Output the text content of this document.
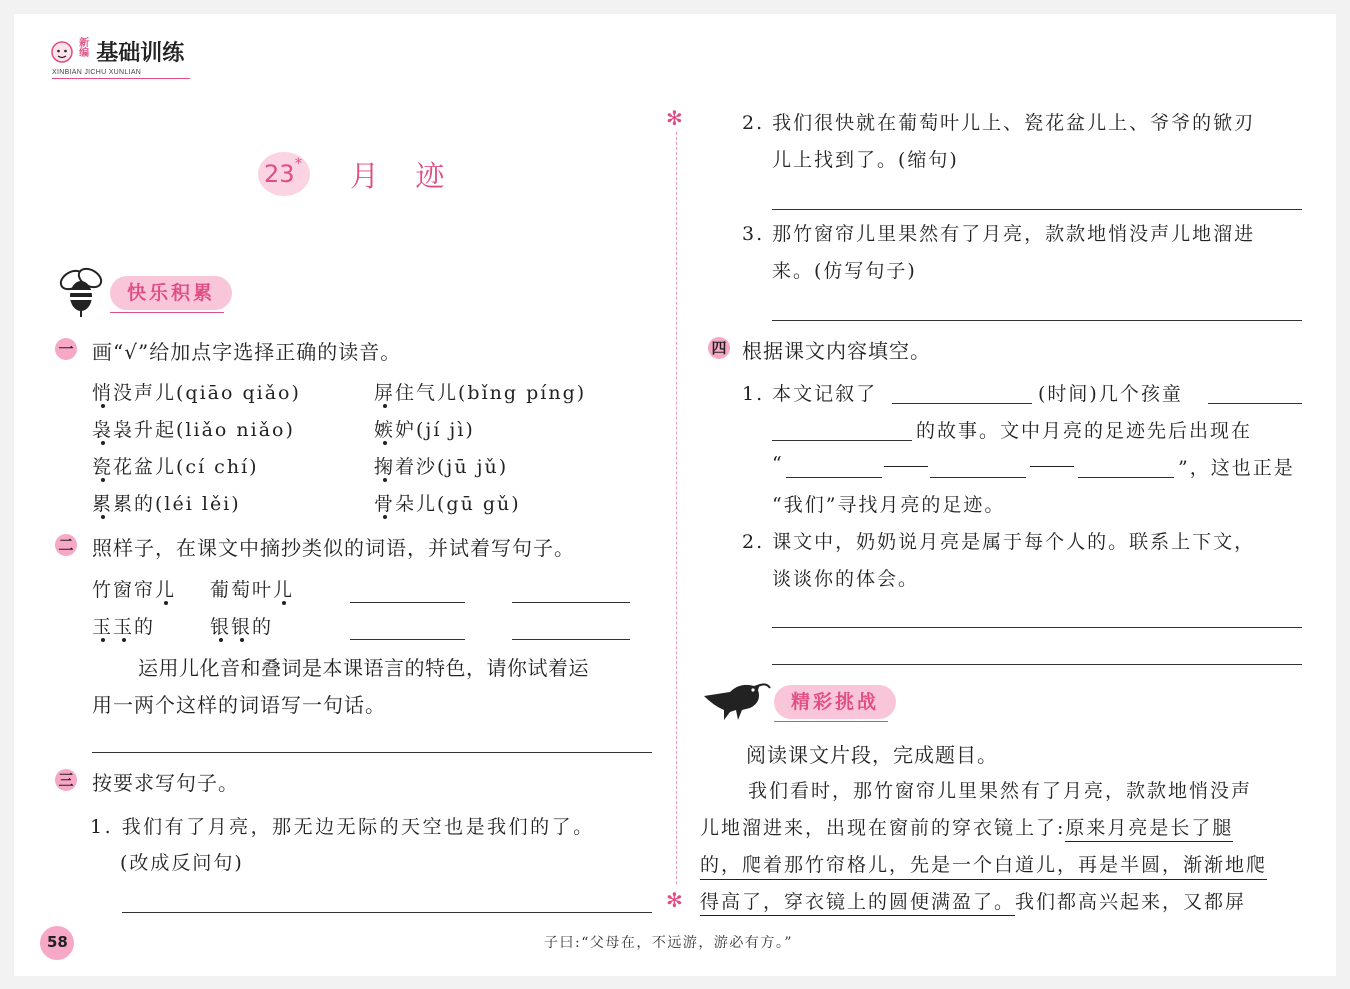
新编 基础训练
XINBIAN JICHU XUNLIAN
23 * 月  迹
快乐积累
一 画“√”给加点字选择正确的读音。
悄没声儿(qiāo qiǎo)	屏住气儿(bǐng píng)
袅袅升起(liǎo niǎo)	嫉妒(jí jì)
瓷花盆儿(cí chí)	掬着沙(jū jǔ)
累累的(léi lěi)	骨朵儿(gū gǔ)
二 照样子，在课文中摘抄类似的词语，并试着写句子。
竹窗帘儿 葡萄叶儿
玉玉的	银银的
运用儿化音和叠词是本课语言的特色，请你试着运
用一两个这样的词语写一句话。
三 按要求写句子。
1. 我们有了月亮，那无边无际的天空也是我们的了。
(改成反问句)
✻
✻
2. 我们很快就在葡萄叶儿上、瓷花盆儿上、爷爷的锨刃
儿上找到了。(缩句)
3. 那竹窗帘儿里果然有了月亮，款款地悄没声儿地溜进
来。(仿写句子)
四 根据课文内容填空。
1. 本文记叙了	(时间)几个孩童
的故事。文中月亮的足迹先后出现在
“	”，这也正是
“我们”寻找月亮的足迹。
2. 课文中，奶奶说月亮是属于每个人的。联系上下文，
谈谈你的体会。
精彩挑战
阅读课文片段，完成题目。
我们看时，那竹窗帘儿里果然有了月亮，款款地悄没声
儿地溜进来，出现在窗前的穿衣镜上了:原来月亮是长了腿
的，爬着那竹帘格儿，先是一个白道儿，再是半圆，渐渐地爬
得高了，穿衣镜上的圆便满盈了。我们都高兴起来，又都屏
58	子曰:“父母在，不远游，游必有方。”
